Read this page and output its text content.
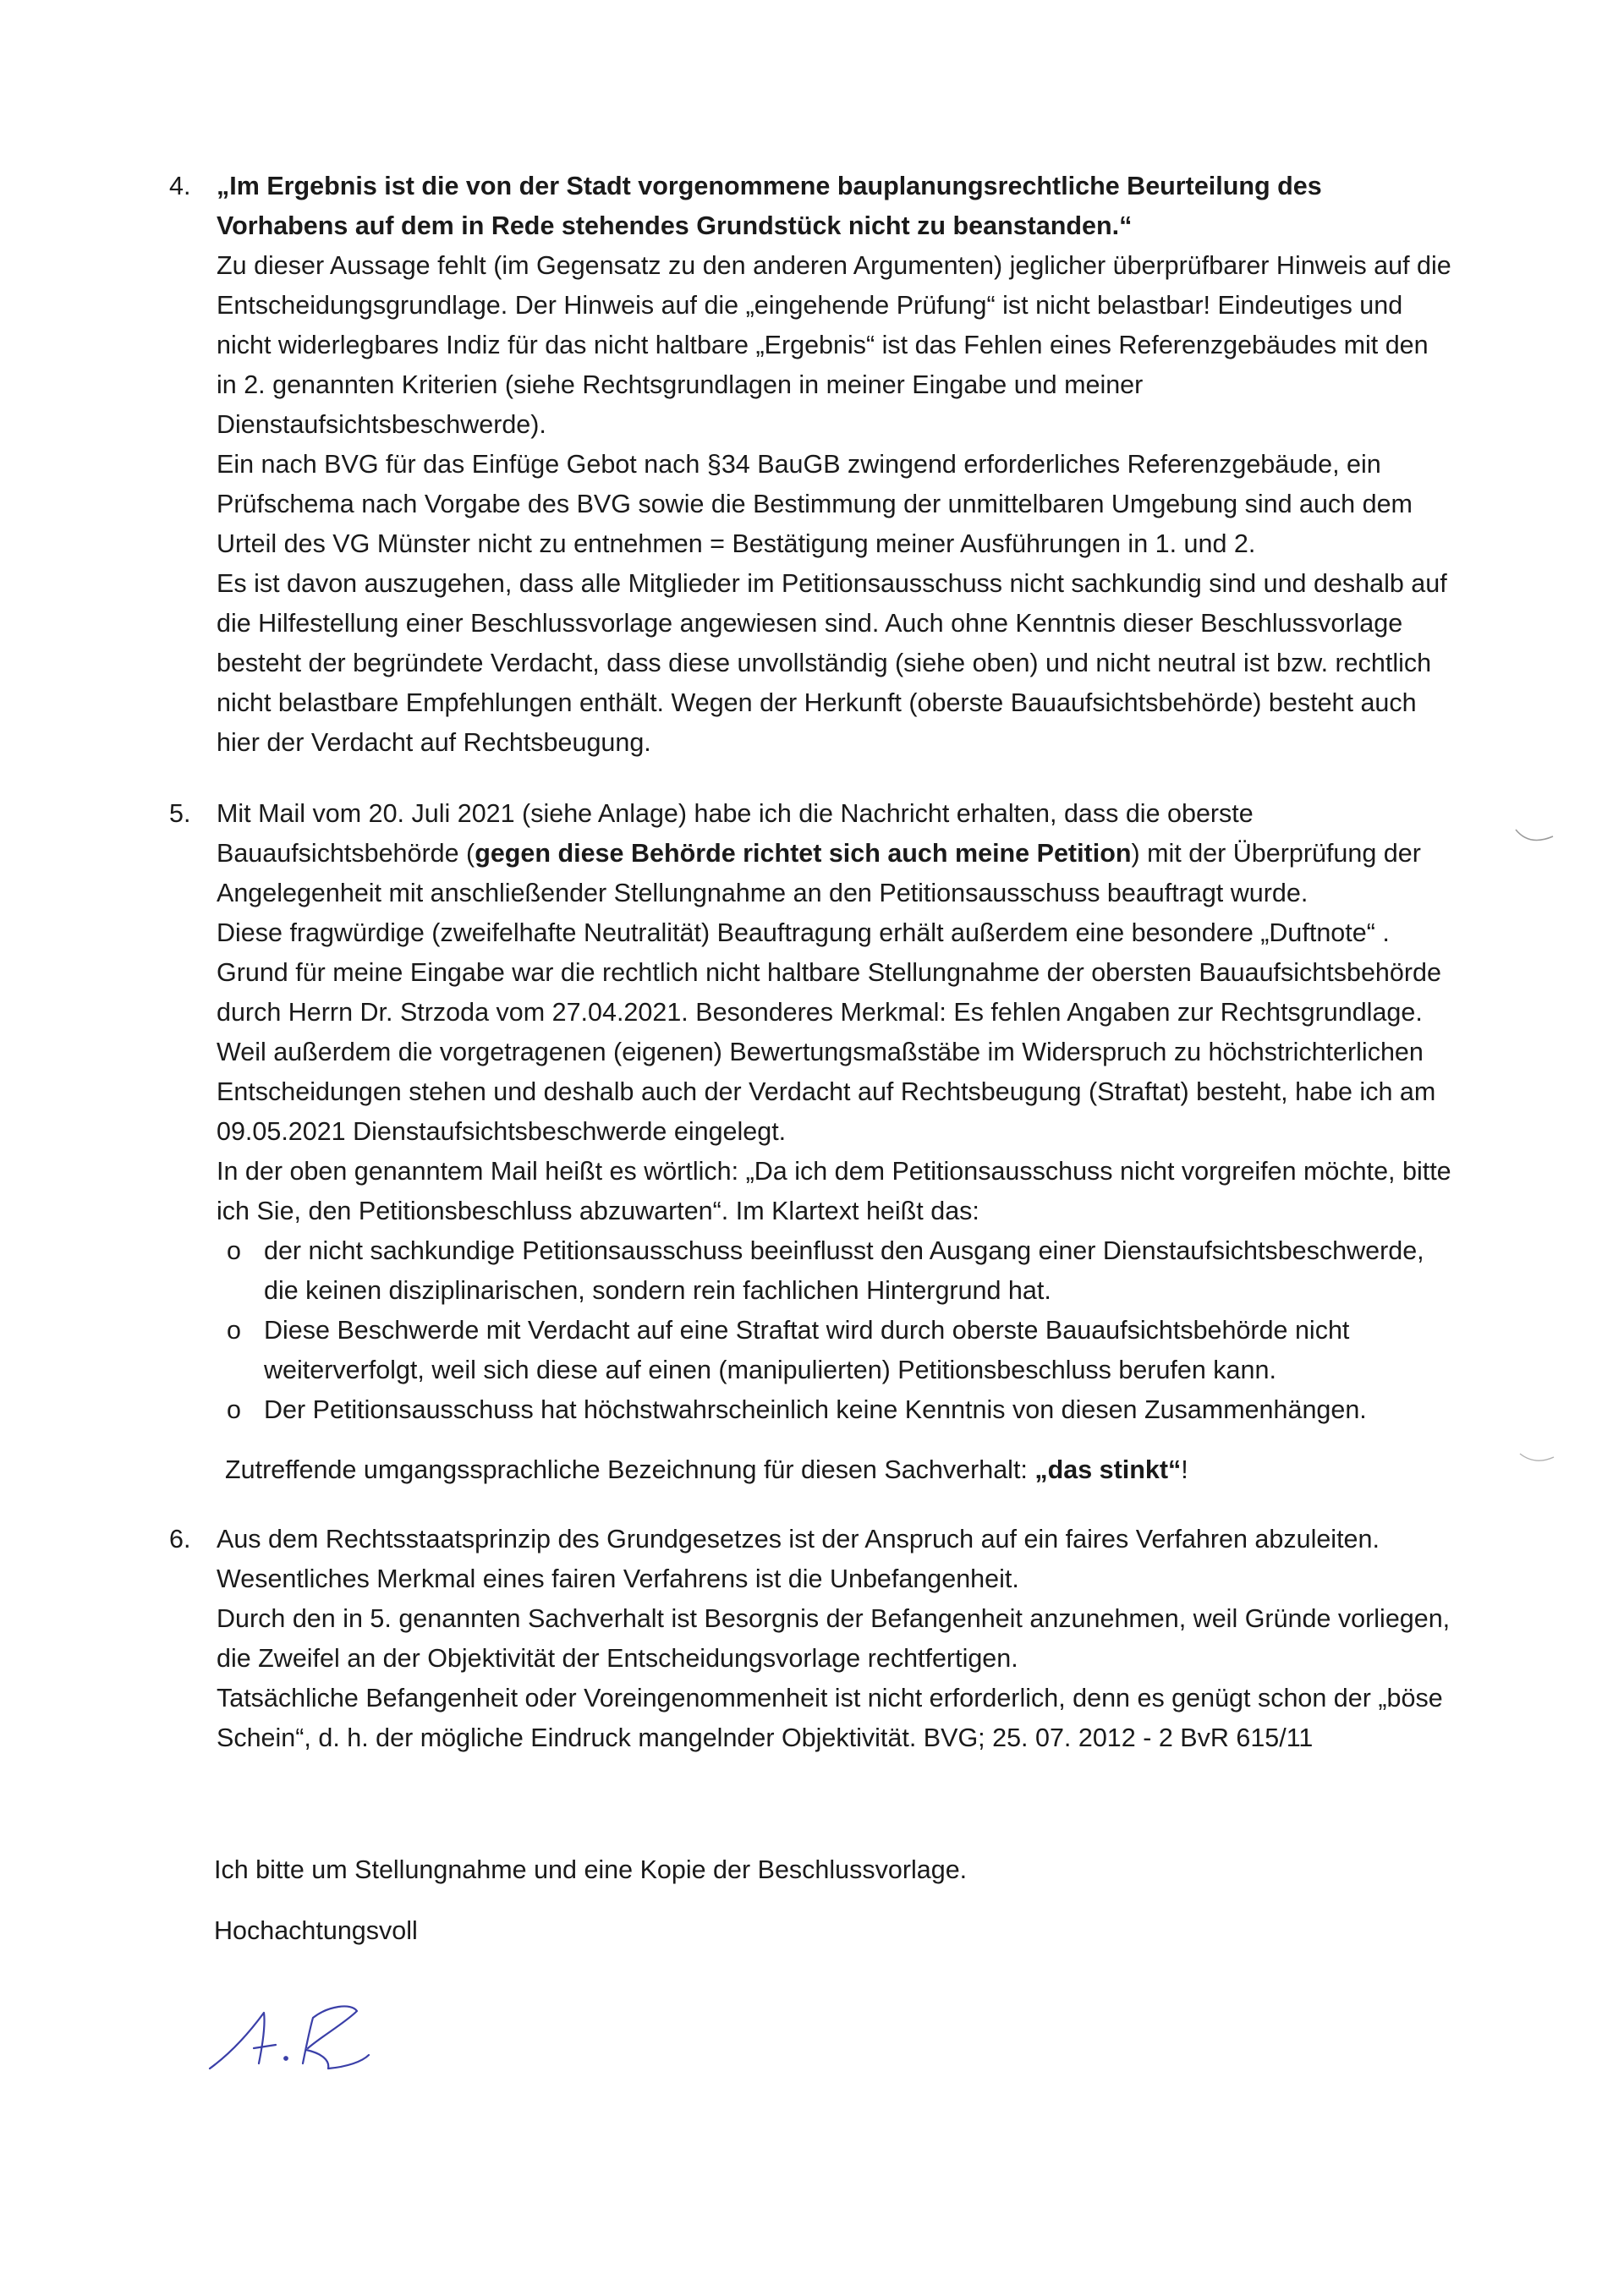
4.	„Im Ergebnis ist die von der Stadt vorgenommene bauplanungsrechtliche Beurteilung des Vorhabens auf dem in Rede stehendes Grundstück nicht zu beanstanden.“

Zu dieser Aussage fehlt (im Gegensatz zu den anderen Argumenten) jeglicher überprüfbarer Hinweis auf die Entscheidungsgrundlage. Der Hinweis auf die „eingehende Prüfung“ ist nicht belastbar! Eindeutiges und nicht widerlegbares Indiz für das nicht haltbare „Ergebnis“ ist das Fehlen eines Referenzgebäudes mit den in 2. genannten Kriterien (siehe Rechtsgrundlagen in meiner Eingabe und meiner Dienstaufsichtsbeschwerde).

Ein nach BVG für das Einfüge Gebot nach §34 BauGB zwingend erforderliches Referenzgebäude, ein Prüfschema nach Vorgabe des BVG sowie die Bestimmung der unmittelbaren Umgebung sind auch dem Urteil des VG Münster nicht zu entnehmen = Bestätigung meiner Ausführungen in 1. und 2.

Es ist davon auszugehen, dass alle Mitglieder im Petitionsausschuss nicht sachkundig sind und deshalb auf die Hilfestellung einer Beschlussvorlage angewiesen sind. Auch ohne Kenntnis dieser Beschlussvorlage besteht der begründete Verdacht, dass diese unvollständig (siehe oben) und nicht neutral ist bzw. rechtlich nicht belastbare Empfehlungen enthält. Wegen der Herkunft (oberste Bauaufsichtsbehörde) besteht auch hier der Verdacht auf Rechtsbeugung.

5.	Mit Mail vom 20. Juli 2021 (siehe Anlage) habe ich die Nachricht erhalten, dass die oberste Bauaufsichtsbehörde (gegen diese Behörde richtet sich auch meine Petition) mit der Überprüfung der Angelegenheit mit anschließender Stellungnahme an den Petitionsausschuss beauftragt wurde.

Diese fragwürdige (zweifelhafte Neutralität) Beauftragung erhält außerdem eine besondere „Duftnote“ . Grund für meine Eingabe war die rechtlich nicht haltbare Stellungnahme der obersten Bauaufsichtsbehörde durch Herrn Dr. Strzoda vom 27.04.2021. Besonderes Merkmal: Es fehlen Angaben zur Rechtsgrundlage. Weil außerdem die vorgetragenen (eigenen) Bewertungsmaßstäbe im Widerspruch zu höchstrichterlichen Entscheidungen stehen und deshalb auch der Verdacht auf Rechtsbeugung (Straftat) besteht, habe ich am 09.05.2021 Dienstaufsichtsbeschwerde eingelegt.

In der oben genanntem Mail heißt es wörtlich: „Da ich dem Petitionsausschuss nicht vorgreifen möchte, bitte ich Sie, den Petitionsbeschluss abzuwarten“. Im Klartext heißt das:

o der nicht sachkundige Petitionsausschuss beeinflusst den Ausgang einer Dienstaufsichtsbeschwerde, die keinen disziplinarischen, sondern rein fachlichen Hintergrund hat.
o Diese Beschwerde mit Verdacht auf eine Straftat wird durch oberste Bauaufsichtsbehörde nicht weiterverfolgt, weil sich diese auf einen (manipulierten) Petitionsbeschluss berufen kann.
o Der Petitionsausschuss hat höchstwahrscheinlich keine Kenntnis von diesen Zusammenhängen.

Zutreffende umgangssprachliche Bezeichnung für diesen Sachverhalt: „das stinkt“!

6.	Aus dem Rechtsstaatsprinzip des Grundgesetzes ist der Anspruch auf ein faires Verfahren abzuleiten. Wesentliches Merkmal eines fairen Verfahrens ist die Unbefangenheit.

Durch den in 5. genannten Sachverhalt ist Besorgnis der Befangenheit anzunehmen, weil Gründe vorliegen, die Zweifel an der Objektivität der Entscheidungsvorlage rechtfertigen.

Tatsächliche Befangenheit oder Voreingenommenheit ist nicht erforderlich, denn es genügt schon der „böse Schein“, d. h. der mögliche Eindruck mangelnder Objektivität. BVG; 25. 07. 2012 - 2 BvR 615/11

Ich bitte um Stellungnahme und eine Kopie der Beschlussvorlage.
Hochachtungsvoll
